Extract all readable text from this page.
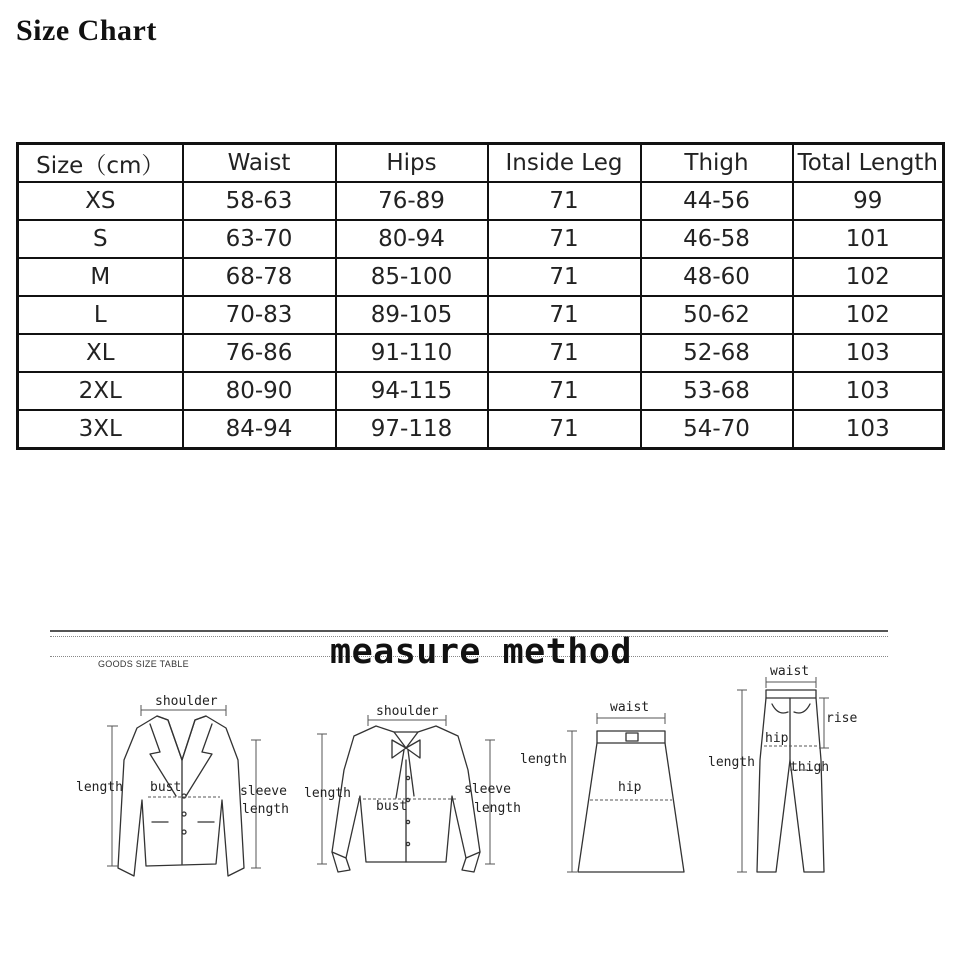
Size Chart
Size（cm）	Waist	Hips	Inside Leg	Thigh	Total Length
XS	58-63	76-89	71	44-56	99
S	63-70	80-94	71	46-58	101
M	68-78	85-100	71	48-60	102
L	70-83	89-105	71	50-62	102
XL	76-86	91-110	71	52-68	103
2XL	80-90	94-115	71	53-68	103
3XL	84-94	97-118	71	54-70	103
measure method
GOODS SIZE TABLE
shoulder
length bust	sleeve
length
shoulder
length
bust
sleeve
length
waist
length
hip
waist
rise
hip
length	thigh
